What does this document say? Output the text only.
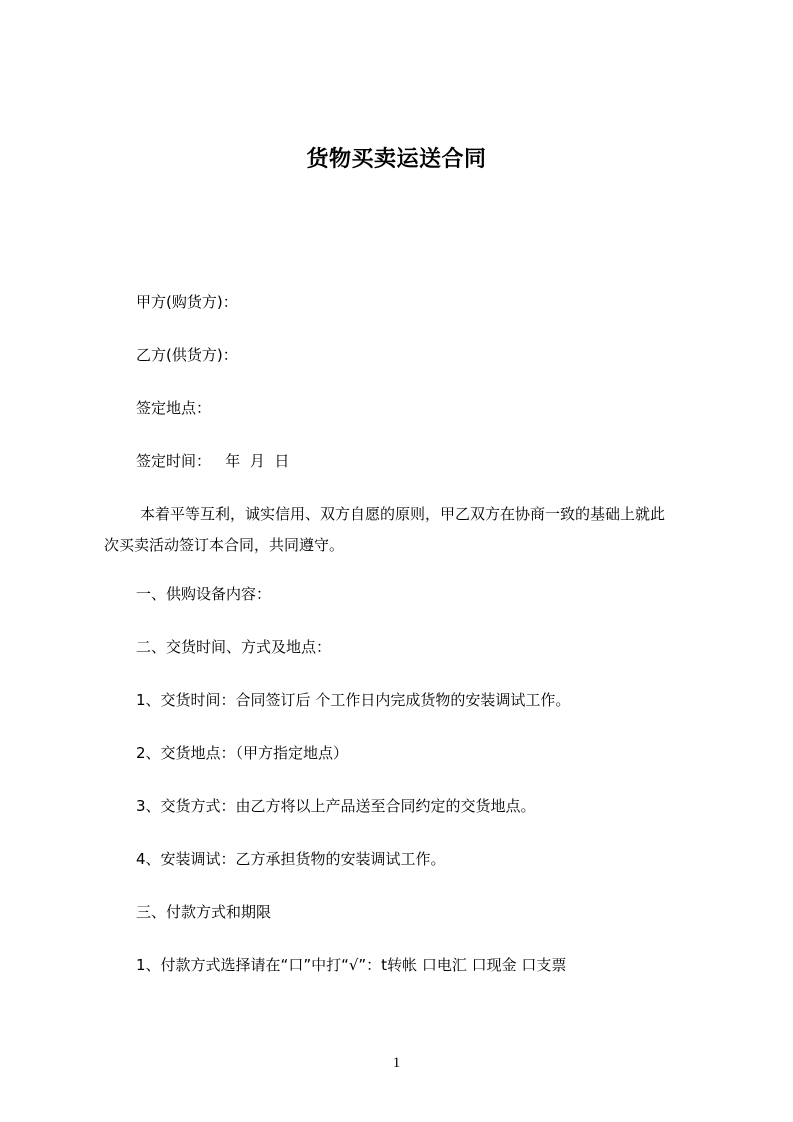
货物买卖运送合同
甲方(购货方)：
乙方(供货方)：
签定地点：
签定时间：   年  月  日
本着平等互利，诚实信用、双方自愿的原则，甲乙双方在协商一致的基础上就此
次买卖活动签订本合同，共同遵守。
一、供购设备内容：
二、交货时间、方式及地点：
1、交货时间：合同签订后 个工作日内完成货物的安装调试工作。
2、交货地点：（甲方指定地点）
3、交货方式：由乙方将以上产品送至合同约定的交货地点。
4、安装调试：乙方承担货物的安装调试工作。
三、付款方式和期限
1、付款方式选择请在“口”中打“√”：t转帐 口电汇 口现金 口支票
1
